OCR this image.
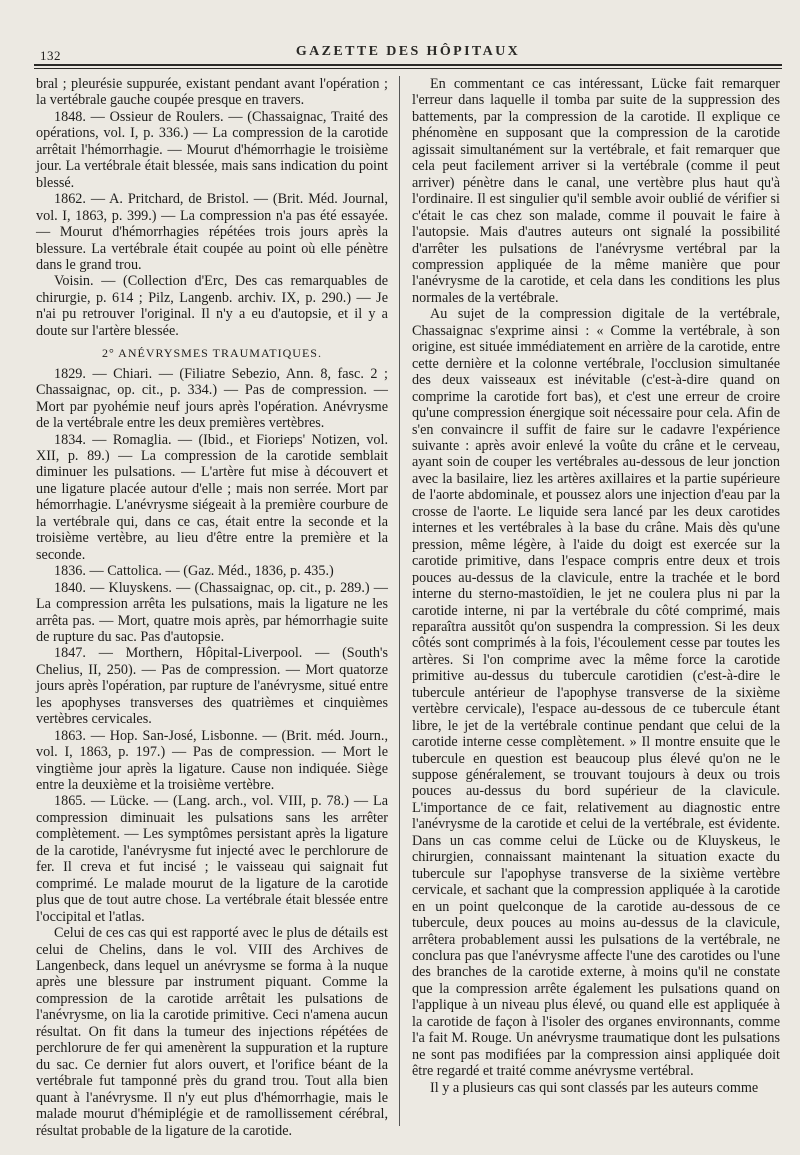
132	GAZETTE DES HÔPITAUX

bral ; pleurésie suppurée, existant pendant avant l'opération ; la vertébrale gauche coupée presque en travers.

1848. — Ossieur de Roulers. — (Chassaignac, Traité des opérations, vol. I, p. 336.) — La compression de la carotide arrêtait l'hémorrhagie. — Mourut d'hémorrhagie le troisième jour. La vertébrale était blessée, mais sans indication du point blessé.

1862. — A. Pritchard, de Bristol. — (Brit. Méd. Journal, vol. I, 1863, p. 399.) — La compression n'a pas été essayée. — Mourut d'hémorrhagies répétées trois jours après la blessure. La vertébrale était coupée au point où elle pénètre dans le grand trou.

Voisin. — (Collection d'Erc, Des cas remarquables de chirurgie, p. 614 ; Pilz, Langenb. archiv. IX, p. 290.) — Je n'ai pu retrouver l'original. Il n'y a eu d'autopsie, et il y a doute sur l'artère blessée.

2° ANÉVRYSMES TRAUMATIQUES.

1829. — Chiari. — (Filiatre Sebezio, Ann. 8, fasc. 2 ; Chassaignac, op. cit., p. 334.) — Pas de compression. — Mort par pyohémie neuf jours après l'opération. Anévrysme de la vertébrale entre les deux premières vertèbres.

1834. — Romaglia. — (Ibid., et Fiorieps' Notizen, vol. XII, p. 89.) — La compression de la carotide semblait diminuer les pulsations. — L'artère fut mise à découvert et une ligature placée autour d'elle ; mais non serrée. Mort par hémorrhagie. L'anévrysme siégeait à la première courbure de la vertébrale qui, dans ce cas, était entre la seconde et la troisième vertèbre, au lieu d'être entre la première et la seconde.

1836. — Cattolica. — (Gaz. Méd., 1836, p. 435.)

1840. — Kluyskens. — (Chassaignac, op. cit., p. 289.) — La compression arrêta les pulsations, mais la ligature ne les arrêta pas. — Mort, quatre mois après, par hémorrhagie suite de rupture du sac. Pas d'autopsie.

1847. — Morthern, Hôpital-Liverpool. — (South's Chelius, II, 250). — Pas de compression. — Mort quatorze jours après l'opération, par rupture de l'anévrysme, situé entre les apophyses transverses des quatrièmes et cinquièmes vertèbres cervicales.

1863. — Hop. San-José, Lisbonne. — (Brit. méd. Journ., vol. I, 1863, p. 197.) — Pas de compression. — Mort le vingtième jour après la ligature. Cause non indiquée. Siège entre la deuxième et la troisième vertèbre.

1865. — Lücke. — (Lang. arch., vol. VIII, p. 78.) — La compression diminuait les pulsations sans les arrêter complètement. — Les symptômes persistant après la ligature de la carotide, l'anévrysme fut injecté avec le perchlorure de fer. Il creva et fut incisé ; le vaisseau qui saignait fut comprimé. Le malade mourut de la ligature de la carotide plus que de tout autre chose. La vertébrale était blessée entre l'occipital et l'atlas.

Celui de ces cas qui est rapporté avec le plus de détails est celui de Chelins, dans le vol. VIII des Archives de Langenbeck, dans lequel un anévrysme se forma à la nuque après une blessure par instrument piquant. Comme la compression de la carotide arrêtait les pulsations de l'anévrysme, on lia la carotide primitive. Ceci n'amena aucun résultat. On fit dans la tumeur des injections répétées de perchlorure de fer qui amenèrent la suppuration et la rupture du sac. Ce dernier fut alors ouvert, et l'orifice béant de la vertébrale fut tamponné près du grand trou. Tout alla bien quant à l'anévrysme. Il n'y eut plus d'hémorrhagie, mais le malade mourut d'hémiplégie et de ramollissement cérébral, résultat probable de la ligature de la carotide.

En commentant ce cas intéressant, Lücke fait remarquer l'erreur dans laquelle il tomba par suite de la suppression des battements, par la compression de la carotide. Il explique ce phénomène en supposant que la compression de la carotide agissait simultanément sur la vertébrale, et fait remarquer que cela peut facilement arriver si la vertébrale (comme il peut arriver) pénètre dans le canal, une vertèbre plus haut qu'à l'ordinaire. Il est singulier qu'il semble avoir oublié de vérifier si c'était le cas chez son malade, comme il pouvait le faire à l'autopsie. Mais d'autres auteurs ont signalé la possibilité d'arrêter les pulsations de l'anévrysme vertébral par la compression appliquée de la même manière que pour l'anévrysme de la carotide, et cela dans les conditions les plus normales de la vertébrale.

Au sujet de la compression digitale de la vertébrale, Chassaignac s'exprime ainsi : « Comme la vertébrale, à son origine, est située immédiatement en arrière de la carotide, entre cette dernière et la colonne vertébrale, l'occlusion simultanée des deux vaisseaux est inévitable (c'est-à-dire quand on comprime la carotide fort bas), et c'est une erreur de croire qu'une compression énergique soit nécessaire pour cela. Afin de s'en convaincre il suffit de faire sur le cadavre l'expérience suivante : après avoir enlevé la voûte du crâne et le cerveau, ayant soin de couper les vertébrales au-dessous de leur jonction avec la basilaire, liez les artères axillaires et la partie supérieure de l'aorte abdominale, et poussez alors une injection d'eau par la crosse de l'aorte. Le liquide sera lancé par les deux carotides internes et les vertébrales à la base du crâne. Mais dès qu'une pression, même légère, à l'aide du doigt est exercée sur la carotide primitive, dans l'espace compris entre deux et trois pouces au-dessus de la clavicule, entre la trachée et le bord interne du sterno-mastoïdien, le jet ne coulera plus ni par la carotide interne, ni par la vertébrale du côté comprimé, mais reparaîtra aussitôt qu'on suspendra la compression. Si les deux côtés sont comprimés à la fois, l'écoulement cesse par toutes les artères. Si l'on comprime avec la même force la carotide primitive au-dessus du tubercule carotidien (c'est-à-dire le tubercule antérieur de l'apophyse transverse de la sixième vertèbre cervicale), l'espace au-dessous de ce tubercule étant libre, le jet de la vertébrale continue pendant que celui de la carotide interne cesse complètement. » Il montre ensuite que le tubercule en question est beaucoup plus élevé qu'on ne le suppose généralement, se trouvant toujours à deux ou trois pouces au-dessus du bord supérieur de la clavicule. L'importance de ce fait, relativement au diagnostic entre l'anévrysme de la carotide et celui de la vertébrale, est évidente. Dans un cas comme celui de Lücke ou de Kluyskeus, le chirurgien, connaissant maintenant la situation exacte du tubercule sur l'apophyse transverse de la sixième vertèbre cervicale, et sachant que la compression appliquée à la carotide en un point quelconque de la carotide au-dessous de ce tubercule, deux pouces au moins au-dessus de la clavicule, arrêtera probablement aussi les pulsations de la vertébrale, ne conclura pas que l'anévrysme affecte l'une des carotides ou l'une des branches de la carotide externe, à moins qu'il ne constate que la compression arrête également les pulsations quand on l'applique à un niveau plus élevé, ou quand elle est appliquée à la carotide de façon à l'isoler des organes environnants, comme l'a fait M. Rouge. Un anévrysme traumatique dont les pulsations ne sont pas modifiées par la compression ainsi appliquée doit être regardé et traité comme anévrysme vertébral.

Il y a plusieurs cas qui sont classés par les auteurs comme
